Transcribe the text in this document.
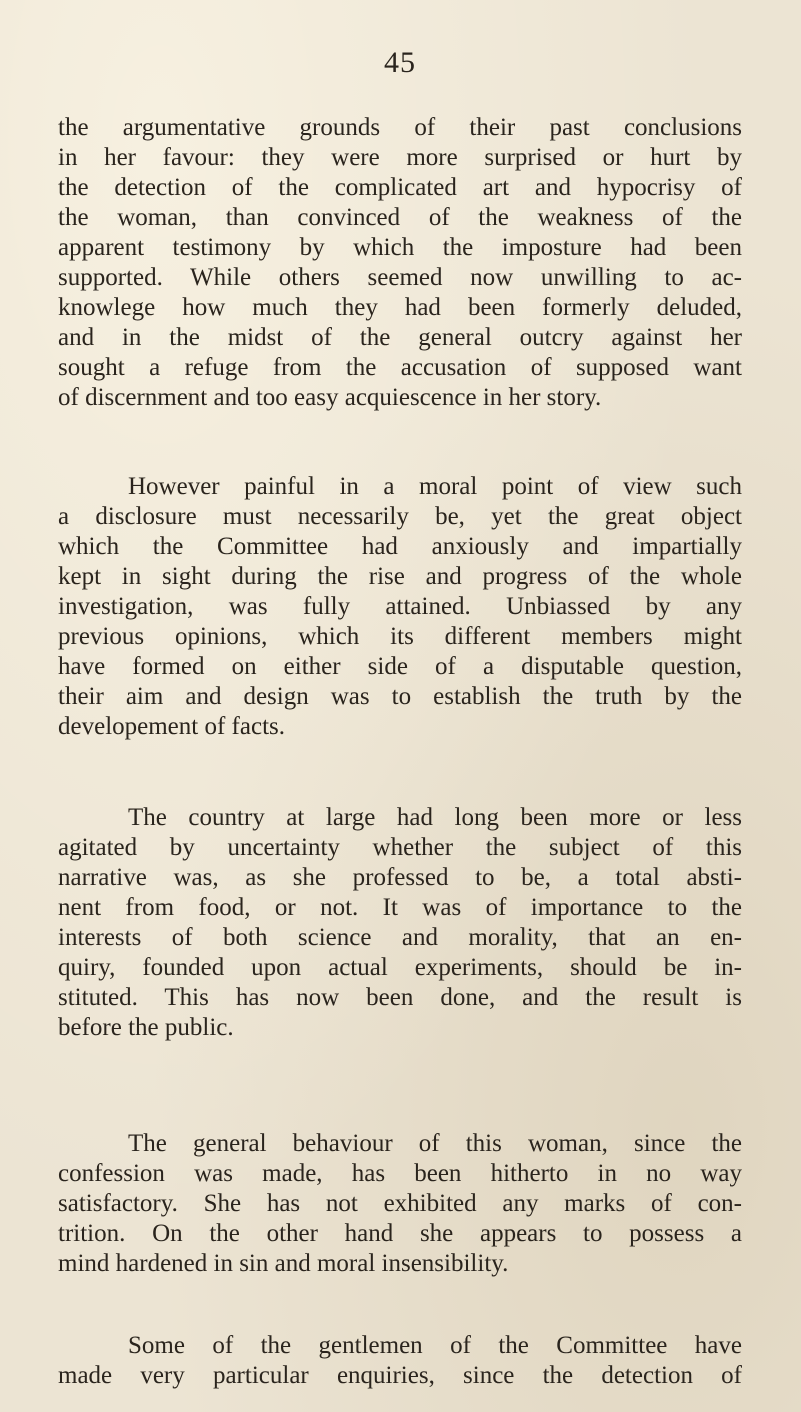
45
the argumentative grounds of their past conclusions
in her favour: they were more surprised or hurt by
the detection of the complicated art and hypocrisy of
the woman, than convinced of the weakness of the
apparent testimony by which the imposture had been
supported. While others seemed now unwilling to ac-
knowlege how much they had been formerly deluded,
and in the midst of the general outcry against her
sought a refuge from the accusation of supposed want
of discernment and too easy acquiescence in her story.
However painful in a moral point of view such
a disclosure must necessarily be, yet the great object
which the Committee had anxiously and impartially
kept in sight during the rise and progress of the whole
investigation, was fully attained. Unbiassed by any
previous opinions, which its different members might
have formed on either side of a disputable question,
their aim and design was to establish the truth by the
developement of facts.
The country at large had long been more or less
agitated by uncertainty whether the subject of this
narrative was, as she professed to be, a total absti-
nent from food, or not. It was of importance to the
interests of both science and morality, that an en-
quiry, founded upon actual experiments, should be in-
stituted. This has now been done, and the result is
before the public.
The general behaviour of this woman, since the
confession was made, has been hitherto in no way
satisfactory. She has not exhibited any marks of con-
trition. On the other hand she appears to possess a
mind hardened in sin and moral insensibility.
Some of the gentlemen of the Committee have
made very particular enquiries, since the detection of
